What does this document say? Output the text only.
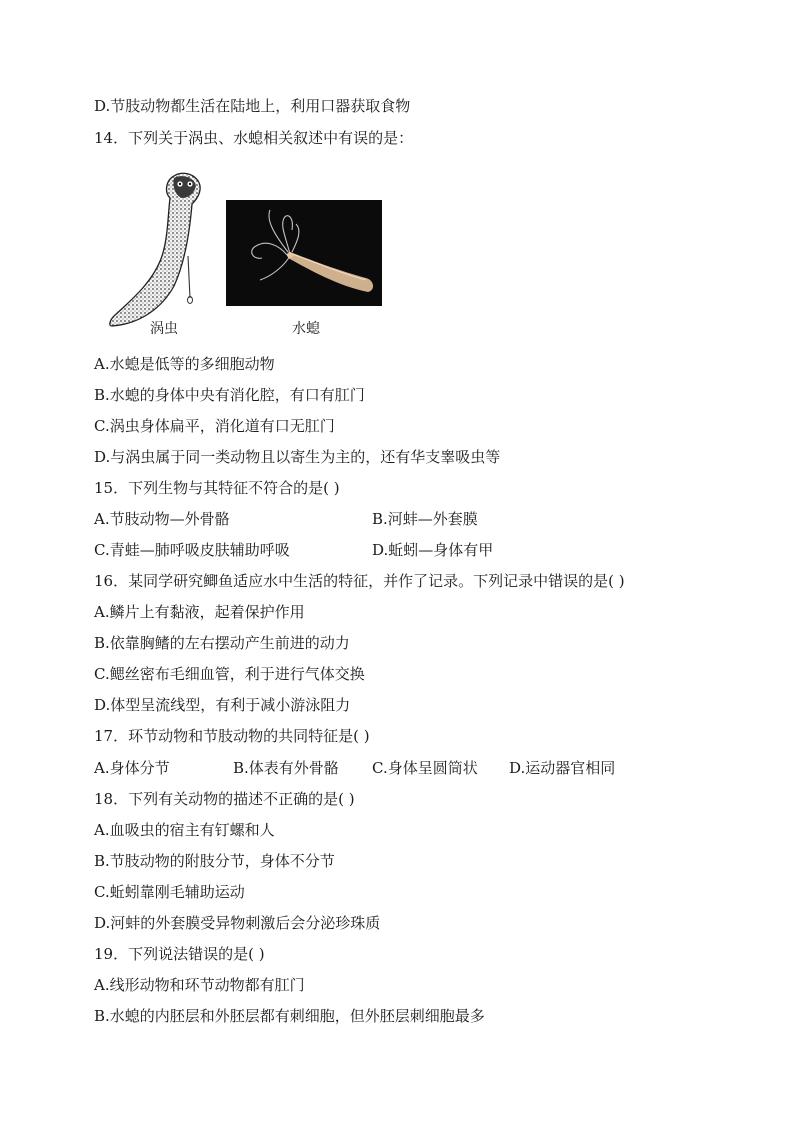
D.节肢动物都生活在陆地上，利用口器获取食物
14．下列关于涡虫、水螅相关叙述中有误的是：
涡虫	水螅
A.水螅是低等的多细胞动物
B.水螅的身体中央有消化腔，有口有肛门
C.涡虫身体扁平，消化道有口无肛门
D.与涡虫属于同一类动物且以寄生为主的，还有华支睾吸虫等
15．下列生物与其特征不符合的是( )
A.节肢动物—外骨骼	B.河蚌—外套膜
C.青蛙—肺呼吸皮肤辅助呼吸	D.蚯蚓—身体有甲
16．某同学研究鲫鱼适应水中生活的特征，并作了记录。下列记录中错误的是( )
A.鳞片上有黏液，起着保护作用
B.依靠胸鳍的左右摆动产生前进的动力
C.鳃丝密布毛细血管，利于进行气体交换
D.体型呈流线型，有利于减小游泳阻力
17．环节动物和节肢动物的共同特征是( )
A.身体分节	B.体表有外骨骼 C.身体呈圆筒状 D.运动器官相同
18．下列有关动物的描述不正确的是( )
A.血吸虫的宿主有钉螺和人
B.节肢动物的附肢分节，身体不分节
C.蚯蚓靠刚毛辅助运动
D.河蚌的外套膜受异物刺激后会分泌珍珠质
19．下列说法错误的是( )
A.线形动物和环节动物都有肛门
B.水螅的内胚层和外胚层都有刺细胞，但外胚层刺细胞最多
